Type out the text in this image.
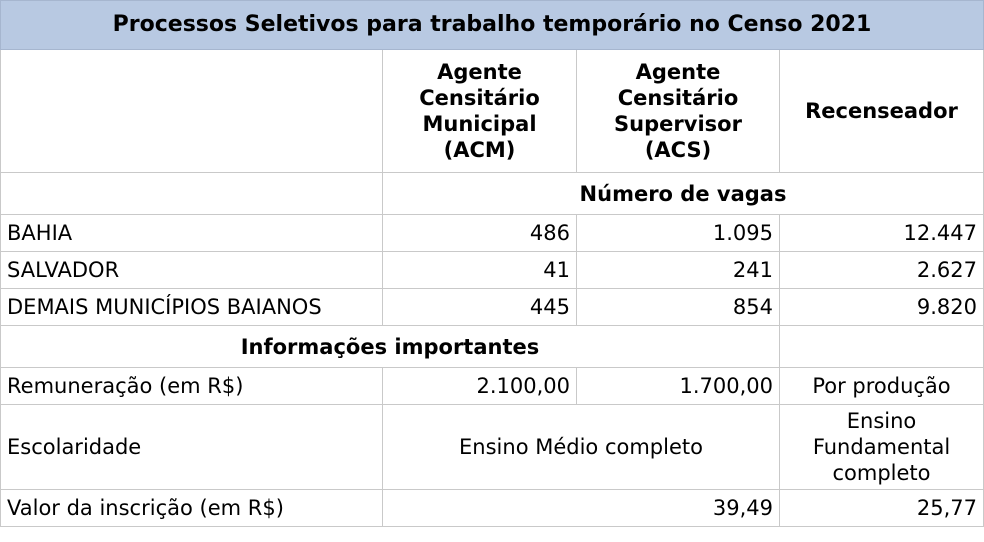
Processos Seletivos para trabalho temporário no Censo 2021			
	Agente
Censitário
Municipal
(ACM)	Agente
Censitário
Supervisor
(ACS)	Recenseador
	Número de vagas		
BAHIA	486	1.095	12.447
SALVADOR	41	241	2.627
DEMAIS MUNICÍPIOS BAIANOS	445	854	9.820
Informações importantes			
Remuneração (em R$)	2.100,00	1.700,00	Por produção
Escolaridade	Ensino Médio completo		Ensino
Fundamental
completo
Valor da inscrição (em R$)	39,49		25,77
